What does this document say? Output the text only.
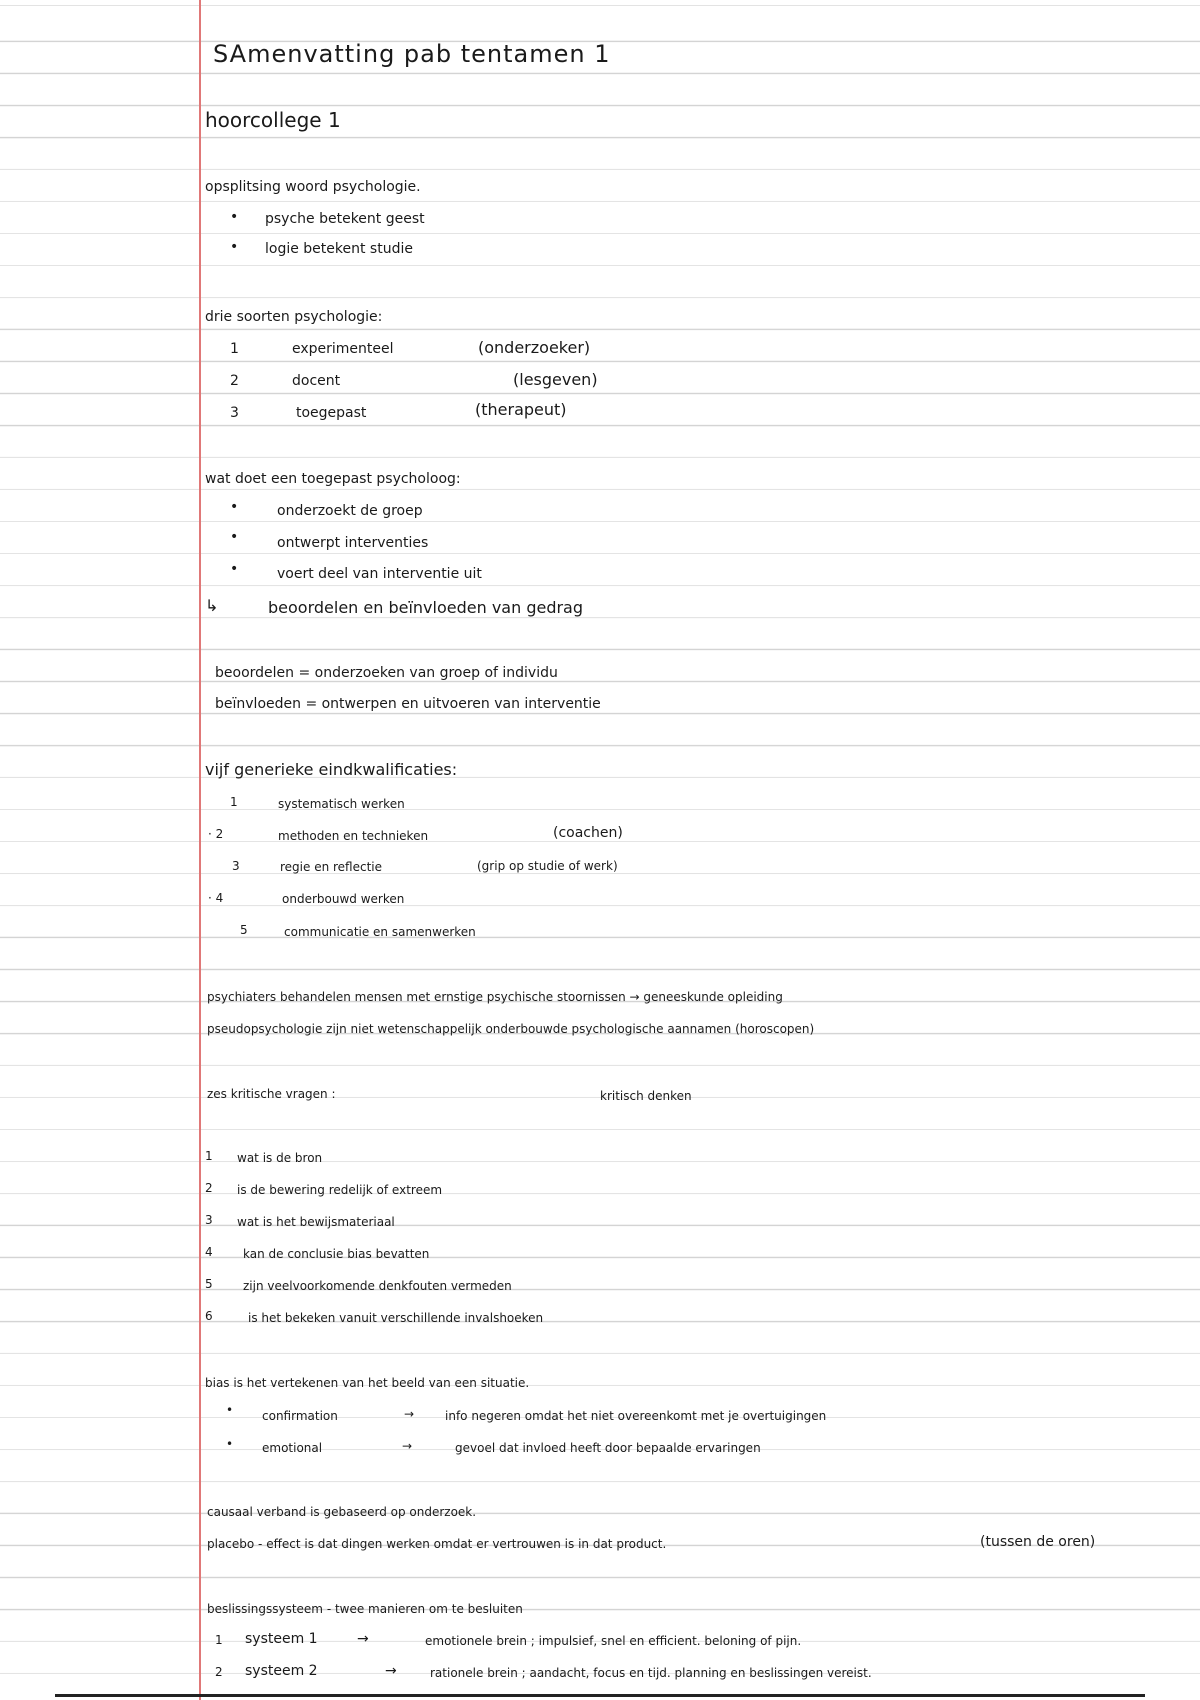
SAmenvatting pab tentamen 1
hoorcollege 1
opsplitsing woord psychologie.
• psyche betekent geest
• logie betekent studie
drie soorten psychologie:
1	experimenteel	(onderzoeker)
2	docent	(lesgeven)
3	toegepast	(therapeut)
wat doet een toegepast psycholoog:
•	onderzoekt de groep
•	ontwerpt interventies
•	voert deel van interventie uit
↳	beoordelen en beïnvloeden van gedrag
beoordelen = onderzoeken van groep of individu
beïnvloeden = ontwerpen en uitvoeren van interventie
vijf generieke eindkwalificaties:
1	systematisch werken
· 2	methoden en technieken	(coachen)
3	regie en reflectie	(grip op studie of werk)
· 4	onderbouwd werken
5	communicatie en samenwerken
psychiaters behandelen mensen met ernstige psychische stoornissen → geneeskunde opleiding
pseudopsychologie zijn niet wetenschappelijk onderbouwde psychologische aannamen (horoscopen)
zes kritische vragen :	kritisch denken
1 wat is de bron
2 is de bewering redelijk of extreem
3 wat is het bewijsmateriaal
4	kan de conclusie bias bevatten
5	zijn veelvoorkomende denkfouten vermeden
6	is het bekeken vanuit verschillende invalshoeken
bias is het vertekenen van het beeld van een situatie.
• confirmation	→	info negeren omdat het niet overeenkomt met je overtuigingen
• emotional	→	gevoel dat invloed heeft door bepaalde ervaringen
causaal verband is gebaseerd op onderzoek.
placebo - effect is dat dingen werken omdat er vertrouwen is in dat product.	(tussen de oren)
beslissingssysteem - twee manieren om te besluiten
1 systeem 1	→	emotionele brein ; impulsief, snel en efficient. beloning of pijn.
2 systeem 2	→	rationele brein ; aandacht, focus en tijd. planning en beslissingen vereist.
